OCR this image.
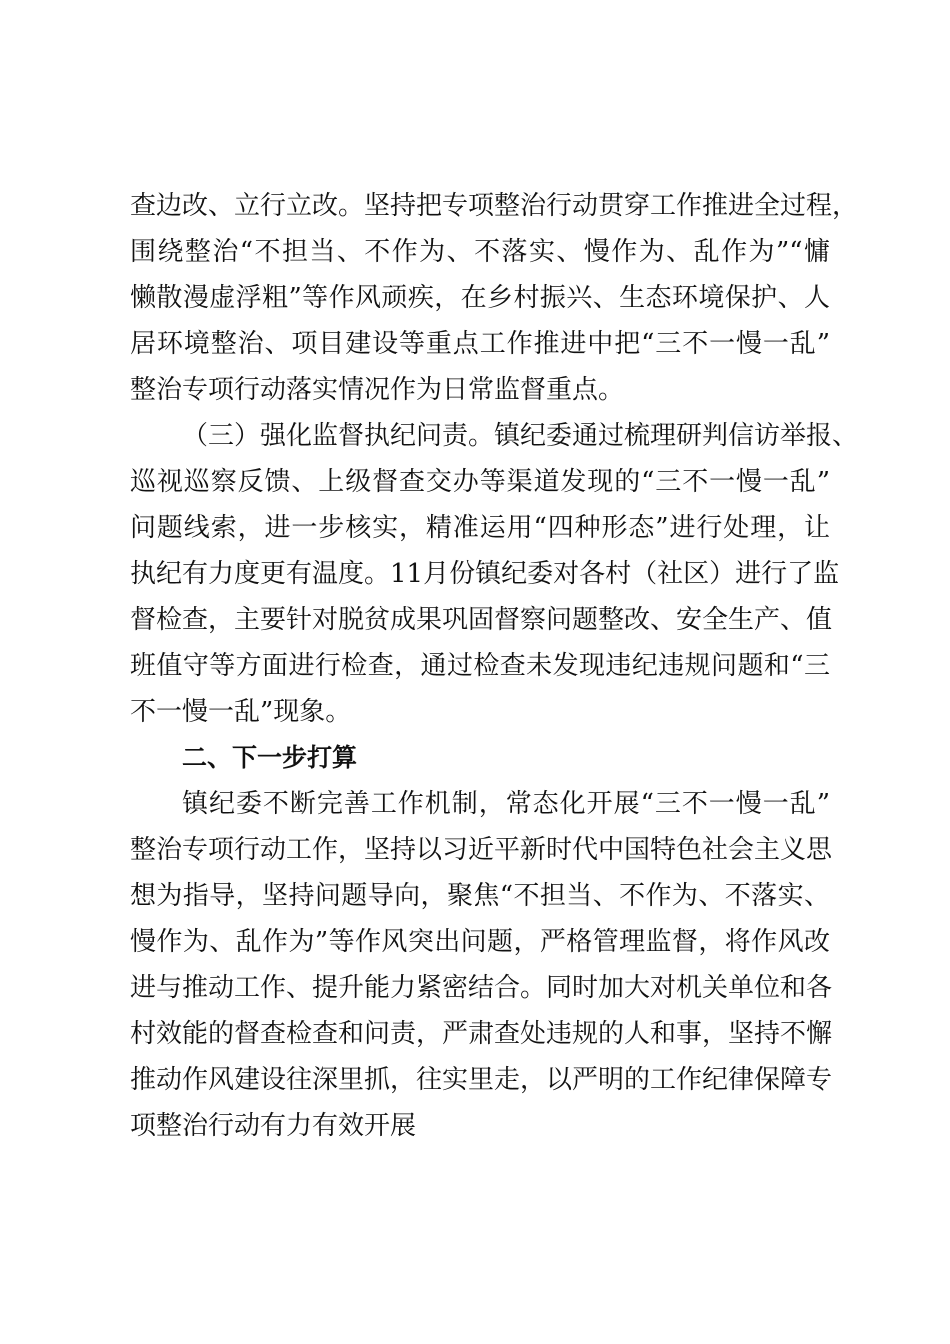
查边改、立行立改。坚持把专项整治行动贯穿工作推进全过程，
围绕整治“不担当、不作为、不落实、慢作为、乱作为”“慵
懒散漫虚浮粗”等作风顽疾，在乡村振兴、生态环境保护、人
居环境整治、项目建设等重点工作推进中把“三不一慢一乱”
整治专项行动落实情况作为日常监督重点。
（三）强化监督执纪问责。镇纪委通过梳理研判信访举报、
巡视巡察反馈、上级督查交办等渠道发现的“三不一慢一乱”
问题线索，进一步核实，精准运用“四种形态”进行处理，让
执纪有力度更有温度。11月份镇纪委对各村（社区）进行了监
督检查，主要针对脱贫成果巩固督察问题整改、安全生产、值
班值守等方面进行检查，通过检查未发现违纪违规问题和“三
不一慢一乱”现象。
二、下一步打算
镇纪委不断完善工作机制，常态化开展“三不一慢一乱”
整治专项行动工作，坚持以习近平新时代中国特色社会主义思
想为指导，坚持问题导向，聚焦“不担当、不作为、不落实、
慢作为、乱作为”等作风突出问题，严格管理监督，将作风改
进与推动工作、提升能力紧密结合。同时加大对机关单位和各
村效能的督查检查和问责，严肃查处违规的人和事，坚持不懈
推动作风建设往深里抓，往实里走，以严明的工作纪律保障专
项整治行动有力有效开展
